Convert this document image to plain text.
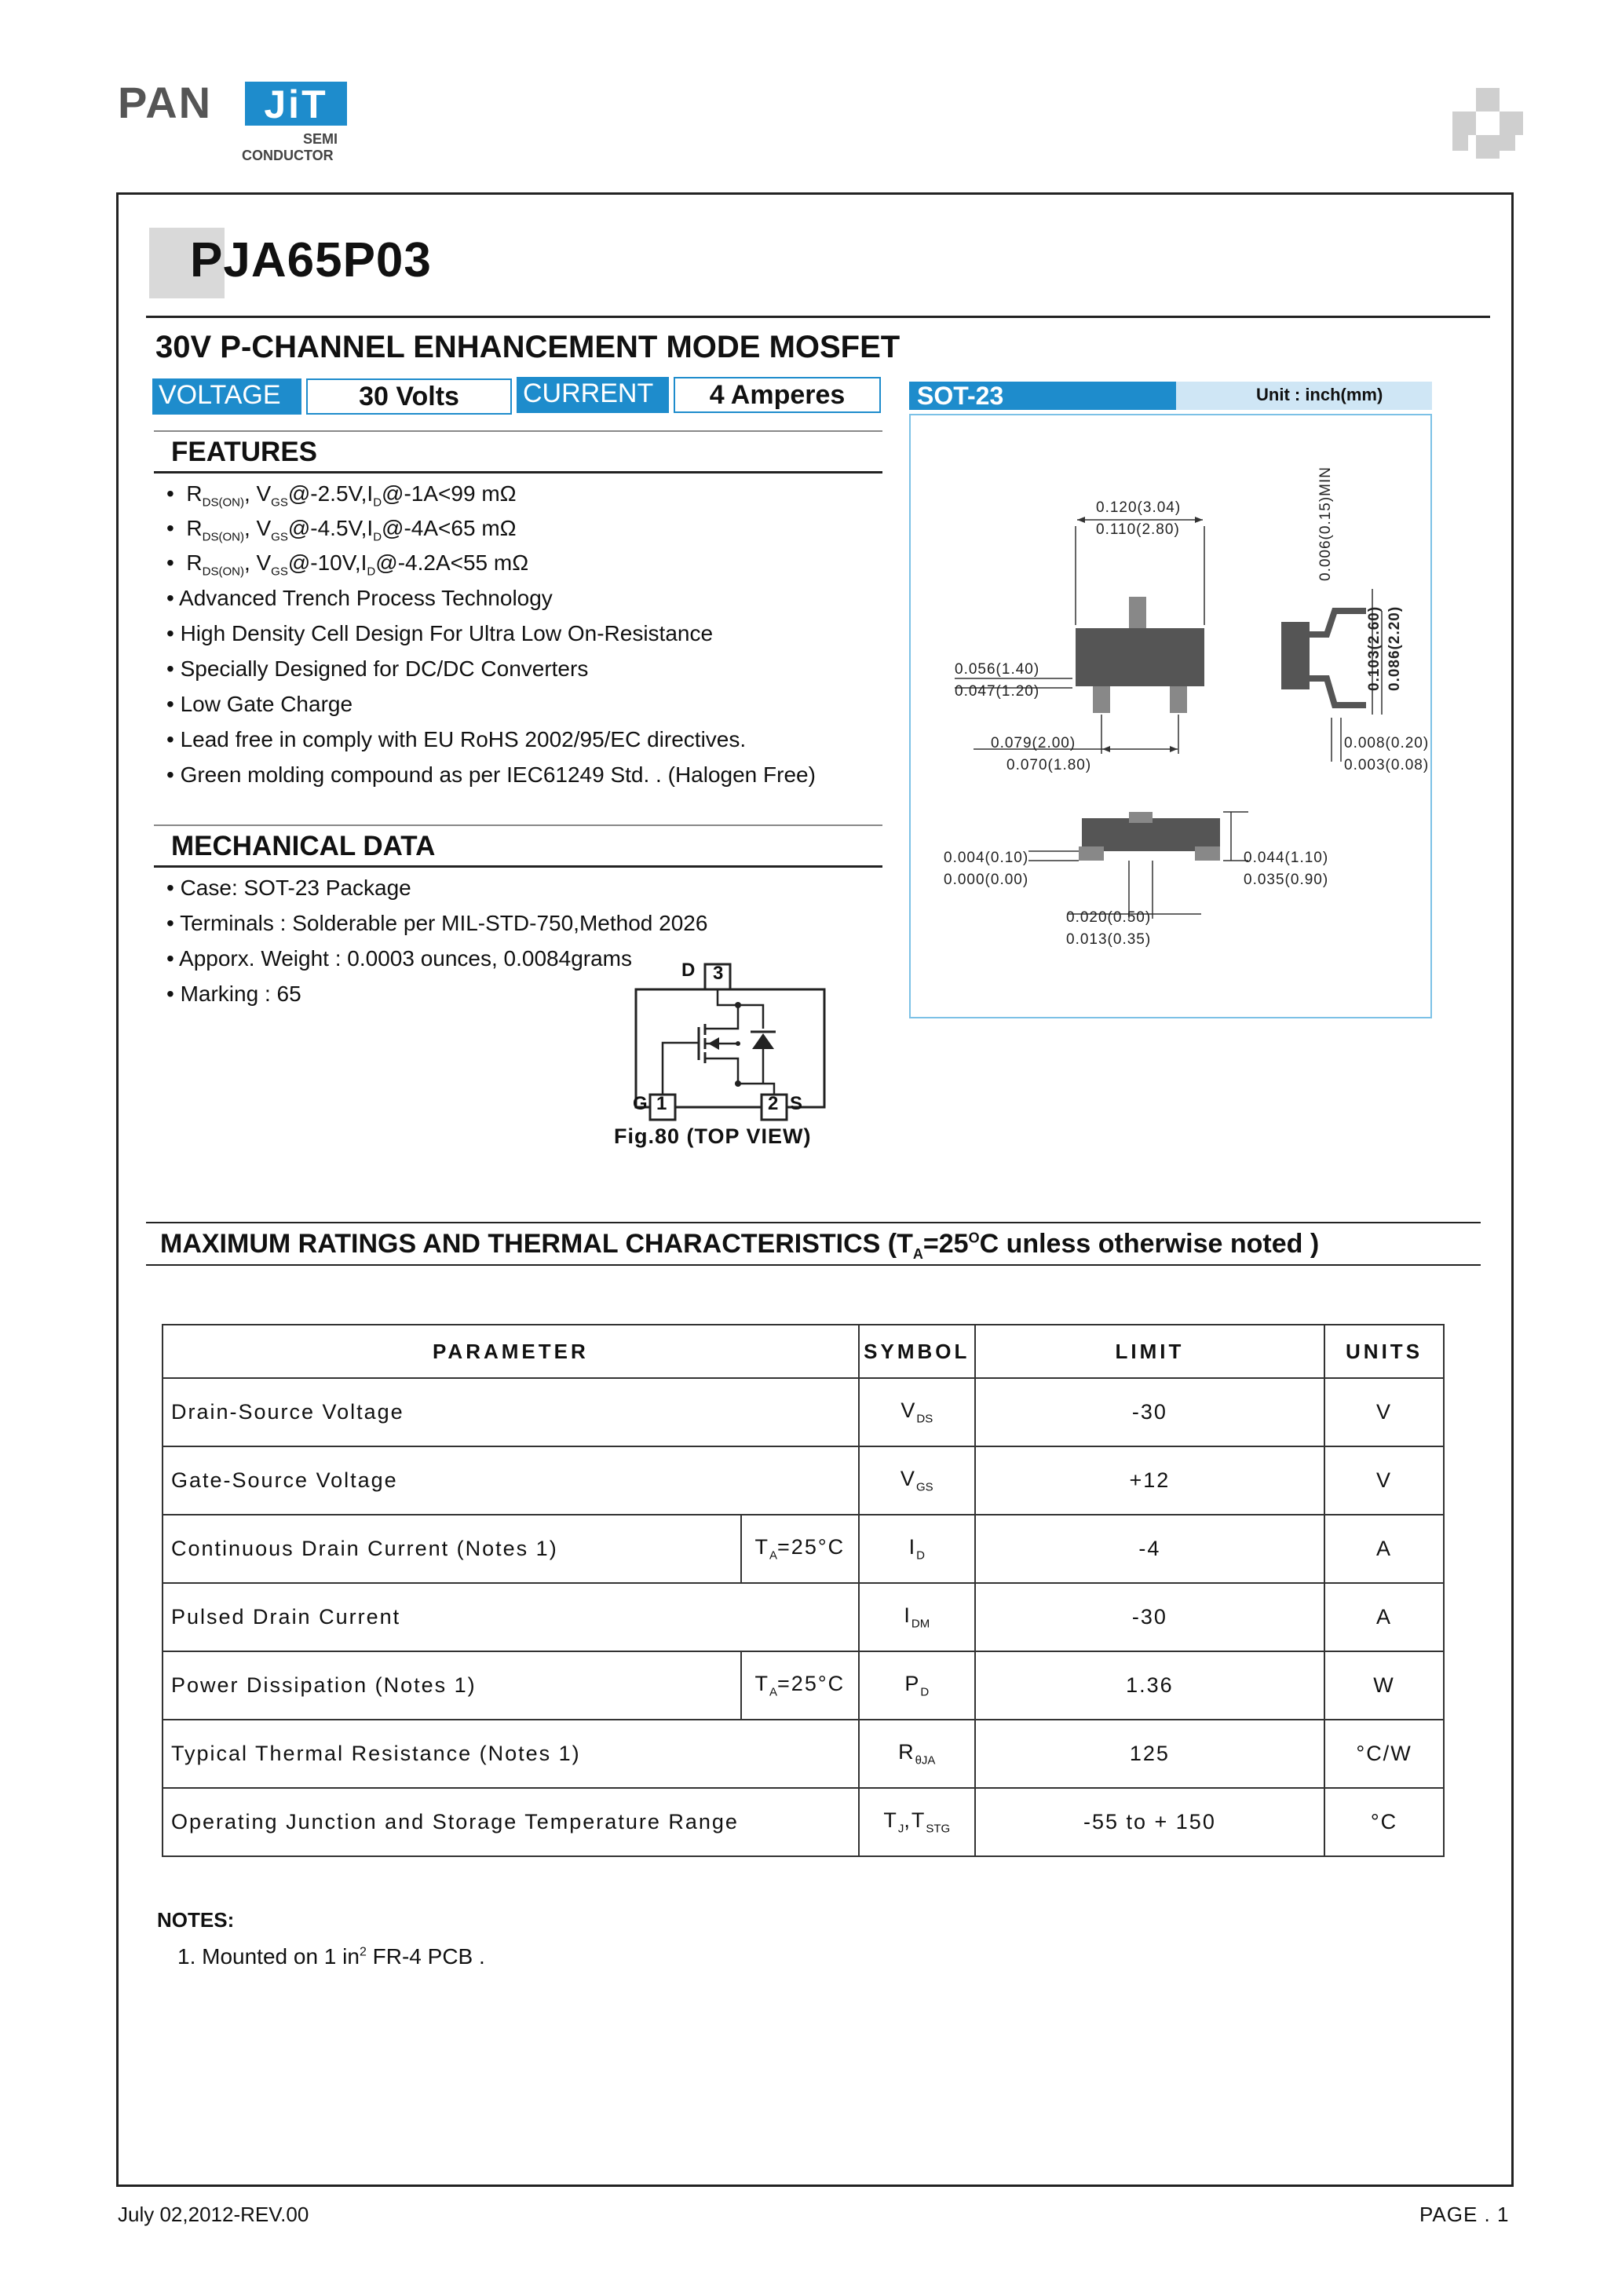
PAN	JiT
SEMI
CONDUCTOR
PJA65P03
30V P-CHANNEL ENHANCEMENT MODE MOSFET
VOLTAGE	30 Volts	CURRENT	4 Amperes
FEATURES
•  $R_{DS(ON)}$, $V_{GS}@-2.5V,I_D@-1A<99$ mΩ
•  $R_{DS(ON)}$, $V_{GS}@-4.5V,I_D@-4A<65$ mΩ
•  $R_{DS(ON)}$, $V_{GS}@-10V,I_D@-4.2A<55$ mΩ
• Advanced Trench Process Technology
• High Density Cell Design For Ultra Low On-Resistance
• Specially Designed for DC/DC Converters
• Low Gate Charge
• Lead free in comply with EU RoHS 2002/95/EC directives.
• Green molding compound as per IEC61249 Std. . (Halogen Free)
MECHANICAL DATA
• Case: SOT-23 Package
• Terminals : Solderable per MIL-STD-750,Method 2026
• Apporx. Weight : 0.0003 ounces, 0.0084grams
• Marking : 65
D 3
G 1	2 S
Fig.80 (TOP VIEW)
SOT-23	Unit : inch(mm)
0.120(3.04)
0.110(2.80)	0.006(0.15)MIN
0.103(2.60) 0.086(2.20)
0.056(1.40)
0.047(1.20)
0.079(2.00)
0.070(1.80)
0.008(0.20)
0.003(0.08)
0.004(0.10)
0.000(0.00)
0.044(1.10)
0.035(0.90)
0.020(0.50)
0.013(0.35)
MAXIMUM RATINGS AND THERMAL CHARACTERISTICS ($T_A=25^OC$ unless otherwise noted )
PARAMETER		SYMBOL	LIMIT	UNITS
Drain-Source Voltage		$V_{DS}$	-30	V
Gate-Source Voltage		$V_{GS}$	+12	V
Continuous Drain Current (Notes 1)	$T_A=25^\circ C$	$I_D$	-4	A
Pulsed Drain Current		$I_{DM}$	-30	A
Power Dissipation (Notes 1)	$T_A=25^\circ C$	$P_D$	1.36	W
Typical Thermal Resistance (Notes 1)		$R_{\theta JA}$	125	°C/W
Operating Junction and Storage Temperature Range		$T_J,T_{STG}$	-55 to + 150	°C
NOTES:
1. Mounted on 1 $in^2$ FR-4 PCB .
July 02,2012-REV.00	PAGE . 1
